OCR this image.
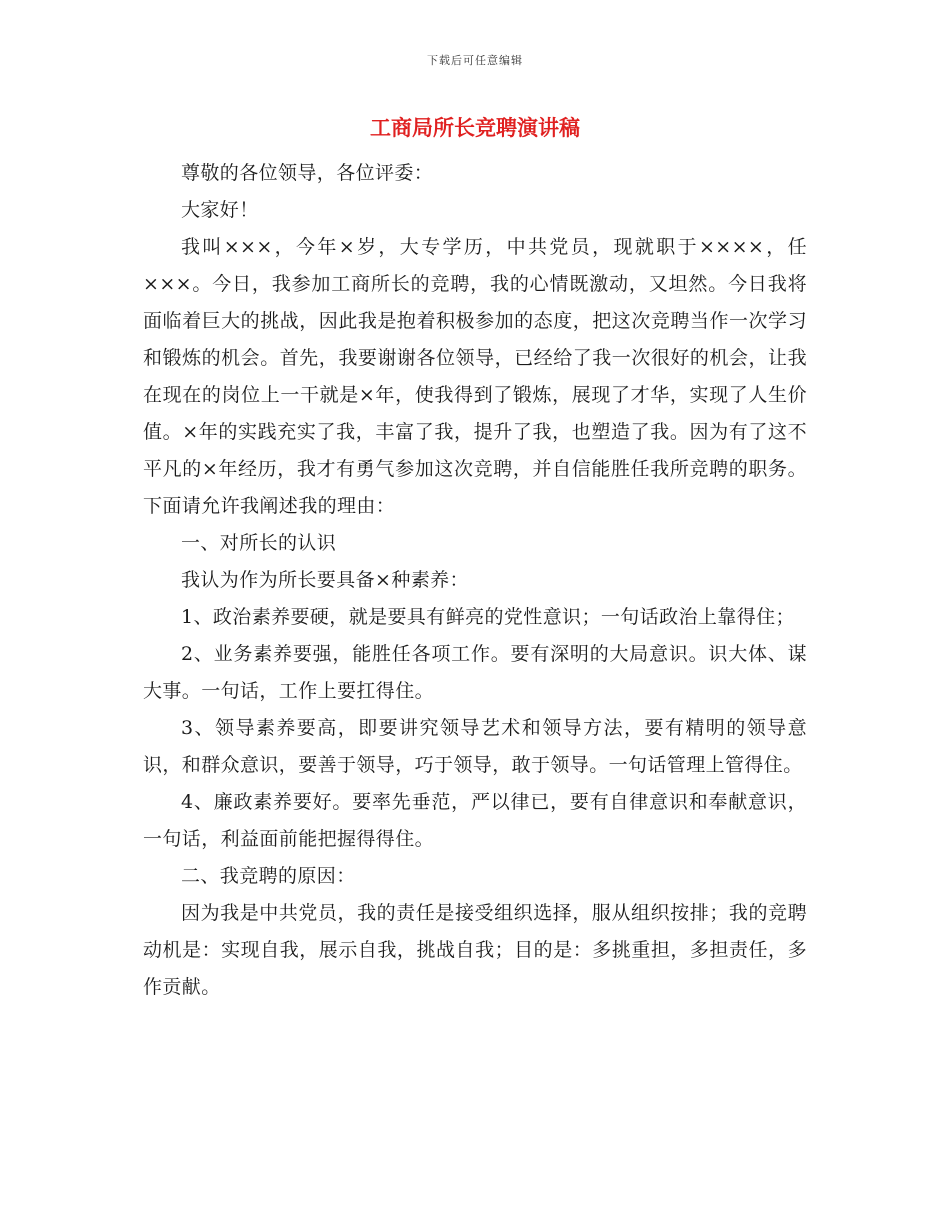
下载后可任意编辑
工商局所长竞聘演讲稿

尊敬的各位领导，各位评委：

大家好！

我叫×××，今年×岁，大专学历，中共党员，现就职于××××，任×××。今日，我参加工商所长的竞聘，我的心情既激动，又坦然。今日我将面临着巨大的挑战，因此我是抱着积极参加的态度，把这次竞聘当作一次学习和锻炼的机会。首先，我要谢谢各位领导，已经给了我一次很好的机会，让我在现在的岗位上一干就是×年，使我得到了锻炼，展现了才华，实现了人生价值。×年的实践充实了我，丰富了我，提升了我，也塑造了我。因为有了这不平凡的×年经历，我才有勇气参加这次竞聘，并自信能胜任我所竞聘的职务。下面请允许我阐述我的理由：

一、对所长的认识

我认为作为所长要具备×种素养：

1、政治素养要硬，就是要具有鲜亮的党性意识；一句话政治上靠得住；

2、业务素养要强，能胜任各项工作。要有深明的大局意识。识大体、谋大事。一句话，工作上要扛得住。

3、领导素养要高，即要讲究领导艺术和领导方法，要有精明的领导意识，和群众意识，要善于领导，巧于领导，敢于领导。一句话管理上管得住。

4、廉政素养要好。要率先垂范，严以律已，要有自律意识和奉献意识，一句话，利益面前能把握得得住。

二、我竞聘的原因：

因为我是中共党员，我的责任是接受组织选择，服从组织按排；我的竞聘动机是：实现自我，展示自我，挑战自我；目的是：多挑重担，多担责任，多作贡献。
